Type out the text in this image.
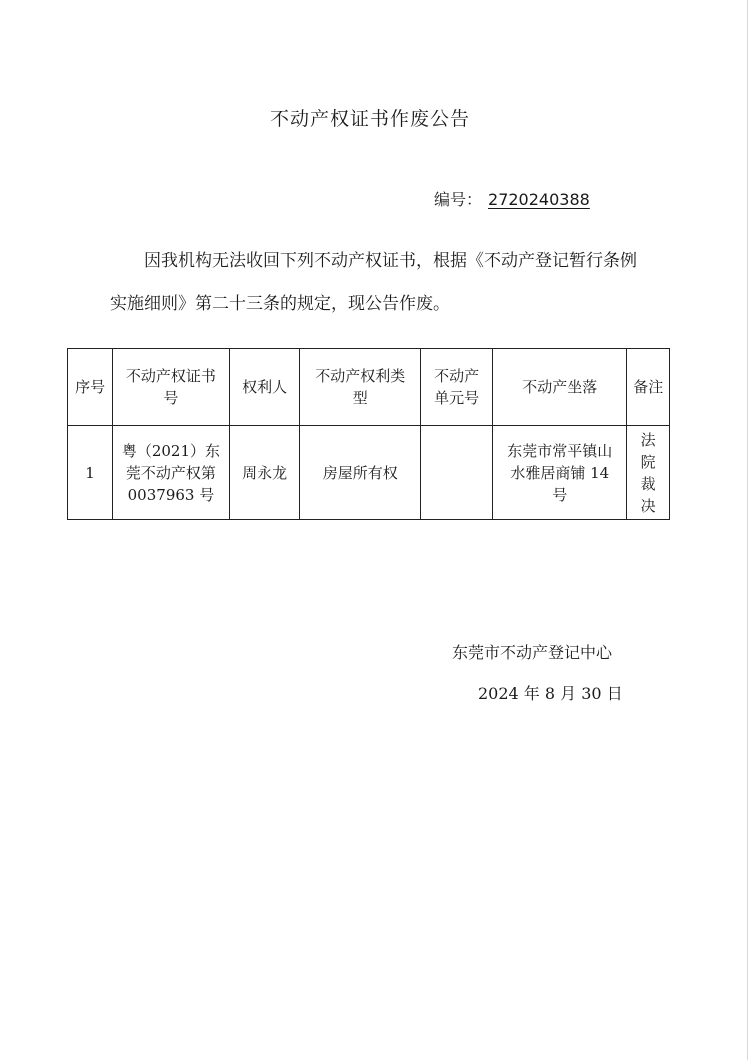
不动产权证书作废公告
编号： 2720240388

因我机构无法收回下列不动产权证书，根据《不动产登记暂行条例实施细则》第二十三条的规定，现公告作废。

序号	不动产权证书号	权利人	不动产权利类型	不动产单元号	不动产坐落	备注
1	粤（2021）东莞不动产权第 0037963 号	周永龙	房屋所有权		东莞市常平镇山水雅居商铺 14 号	法院裁决
东莞市不动产登记中心
2024 年 8 月 30 日
